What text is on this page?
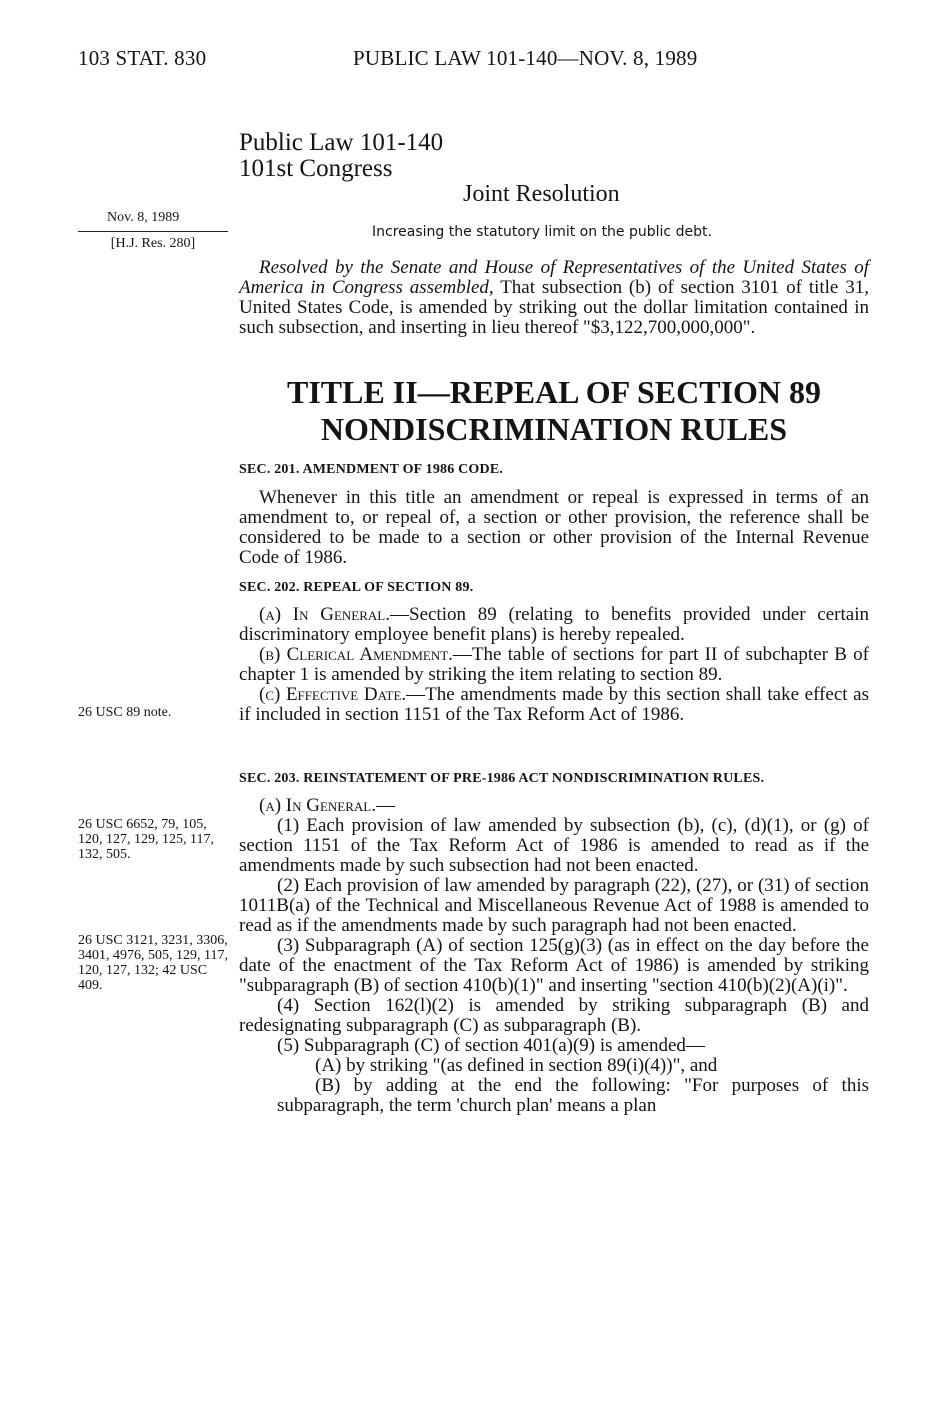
103 STAT. 830	PUBLIC LAW 101-140—NOV. 8, 1989
Public Law 101-140
101st Congress
Joint Resolution
Increasing the statutory limit on the public debt.
Nov. 8, 1989
[H.J. Res. 280]

Resolved by the Senate and House of Representatives of the United States of America in Congress assembled, That subsection (b) of section 3101 of title 31, United States Code, is amended by striking out the dollar limitation contained in such subsection, and inserting in lieu thereof "$3,122,700,000,000".

TITLE II—REPEAL OF SECTION 89
NONDISCRIMINATION RULES
SEC. 201. AMENDMENT OF 1986 CODE.

Whenever in this title an amendment or repeal is expressed in terms of an amendment to, or repeal of, a section or other provision, the reference shall be considered to be made to a section or other provision of the Internal Revenue Code of 1986.

SEC. 202. REPEAL OF SECTION 89.

(a) In General.—Section 89 (relating to benefits provided under certain discriminatory employee benefit plans) is hereby repealed.

(b) Clerical Amendment.—The table of sections for part II of subchapter B of chapter 1 is amended by striking the item relating to section 89.

(c) Effective Date.—The amendments made by this section shall take effect as if included in section 1151 of the Tax Reform Act of 1986.

SEC. 203. REINSTATEMENT OF PRE-1986 ACT NONDISCRIMINATION RULES.

(a) In General.—

(1) Each provision of law amended by subsection (b), (c), (d)(1), or (g) of section 1151 of the Tax Reform Act of 1986 is amended to read as if the amendments made by such subsection had not been enacted.

(2) Each provision of law amended by paragraph (22), (27), or (31) of section 1011B(a) of the Technical and Miscellaneous Revenue Act of 1988 is amended to read as if the amendments made by such paragraph had not been enacted.

(3) Subparagraph (A) of section 125(g)(3) (as in effect on the day before the date of the enactment of the Tax Reform Act of 1986) is amended by striking "subparagraph (B) of section 410(b)(1)" and inserting "section 410(b)(2)(A)(i)".

(4) Section 162(l)(2) is amended by striking subparagraph (B) and redesignating subparagraph (C) as subparagraph (B).

(5) Subparagraph (C) of section 401(a)(9) is amended—

(A) by striking "(as defined in section 89(i)(4))", and

(B) by adding at the end the following: "For purposes of this subparagraph, the term 'church plan' means a plan

26 USC 89 note.
26 USC 6652, 79, 105, 120, 127, 129, 125, 117, 132, 505.
26 USC 3121, 3231, 3306, 3401, 4976, 505, 129, 117, 120, 127, 132; 42 USC 409.
